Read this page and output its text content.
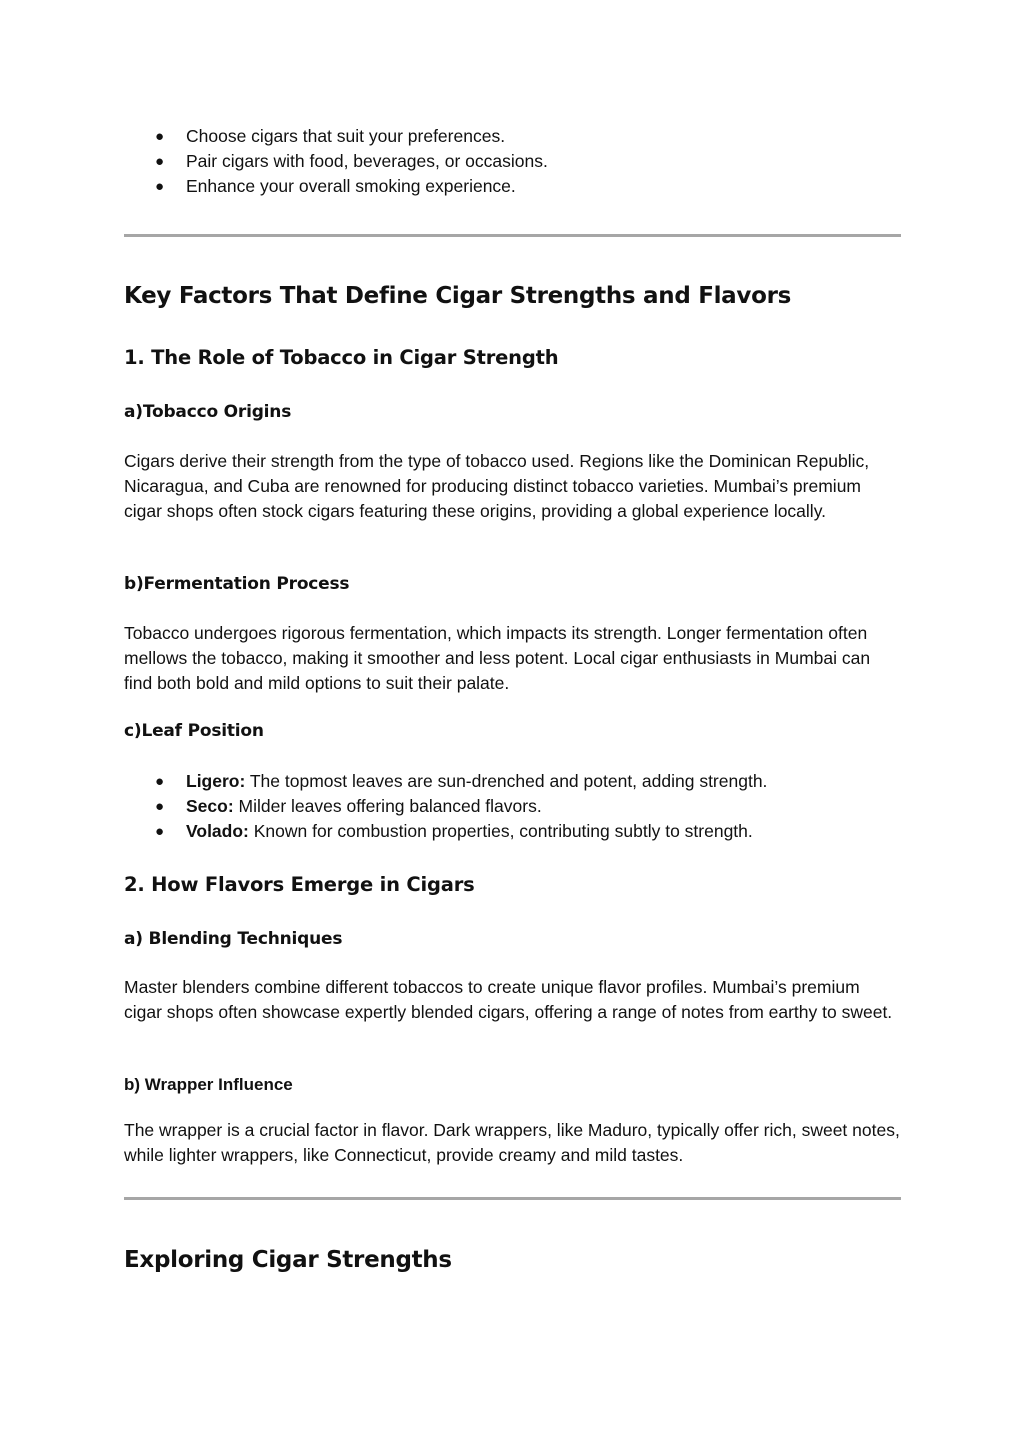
● Choose cigars that suit your preferences.
● Pair cigars with food, beverages, or occasions.
● Enhance your overall smoking experience.
Key Factors That Define Cigar Strengths and Flavors
1. The Role of Tobacco in Cigar Strength
a)Tobacco Origins

Cigars derive their strength from the type of tobacco used. Regions like the Dominican Republic, Nicaragua, and Cuba are renowned for producing distinct tobacco varieties. Mumbai’s premium cigar shops often stock cigars featuring these origins, providing a global experience locally.

b)Fermentation Process

Tobacco undergoes rigorous fermentation, which impacts its strength. Longer fermentation often mellows the tobacco, making it smoother and less potent. Local cigar enthusiasts in Mumbai can find both bold and mild options to suit their palate.

c)Leaf Position
● Ligero: The topmost leaves are sun-drenched and potent, adding strength.
● Seco: Milder leaves offering balanced flavors.
● Volado: Known for combustion properties, contributing subtly to strength.
2. How Flavors Emerge in Cigars
a) Blending Techniques

Master blenders combine different tobaccos to create unique flavor profiles. Mumbai’s premium cigar shops often showcase expertly blended cigars, offering a range of notes from earthy to sweet.

b) Wrapper Influence

The wrapper is a crucial factor in flavor. Dark wrappers, like Maduro, typically offer rich, sweet notes, while lighter wrappers, like Connecticut, provide creamy and mild tastes.

Exploring Cigar Strengths
